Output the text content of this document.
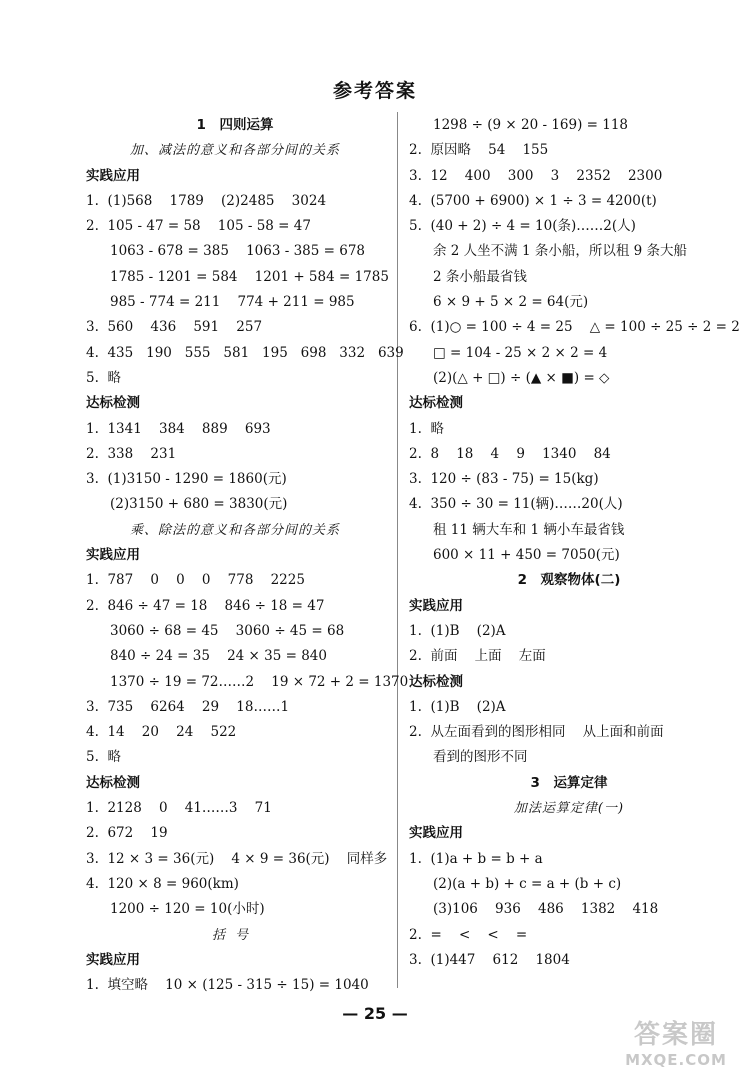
参考答案
1　四则运算
加、减法的意义和各部分间的关系
实践应用
1.  (1)568    1789    (2)2485    3024
2.  105 - 47 = 58    105 - 58 = 47
1063 - 678 = 385    1063 - 385 = 678
1785 - 1201 = 584    1201 + 584 = 1785
985 - 774 = 211    774 + 211 = 985
3.  560    436    591    257
4.  435   190   555   581   195   698   332   639
5.  略
达标检测
1.  1341    384    889    693
2.  338    231
3.  (1)3150 - 1290 = 1860(元)
(2)3150 + 680 = 3830(元)
乘、除法的意义和各部分间的关系
实践应用
1.  787    0    0    0    778    2225
2.  846 ÷ 47 = 18    846 ÷ 18 = 47
3060 ÷ 68 = 45    3060 ÷ 45 = 68
840 ÷ 24 = 35    24 × 35 = 840
1370 ÷ 19 = 72……2    19 × 72 + 2 = 1370
3.  735    6264    29    18……1
4.  14    20    24    522
5.  略
达标检测
1.  2128    0    41……3    71
2.  672    19
3.  12 × 3 = 36(元)    4 × 9 = 36(元)    同样多
4.  120 × 8 = 960(km)
1200 ÷ 120 = 10(小时)
括号
实践应用
1.  填空略    10 × (125 - 315 ÷ 15) = 1040
1298 ÷ (9 × 20 - 169) = 118
2.  原因略    54    155
3.  12    400    300    3    2352    2300
4.  (5700 + 6900) × 1 ÷ 3 = 4200(t)
5.  (40 + 2) ÷ 4 = 10(条)……2(人)
余 2 人坐不满 1 条小船，所以租 9 条大船
2 条小船最省钱
6 × 9 + 5 × 2 = 64(元)
6.  (1)○ = 100 ÷ 4 = 25    △ = 100 ÷ 25 ÷ 2 = 2
□ = 104 - 25 × 2 × 2 = 4
(2)(△ + □) ÷ (▲ × ■) = ◇
达标检测
1.  略
2.  8    18    4    9    1340    84
3.  120 ÷ (83 - 75) = 15(kg)
4.  350 ÷ 30 = 11(辆)……20(人)
租 11 辆大车和 1 辆小车最省钱
600 × 11 + 450 = 7050(元)
2　观察物体(二)
实践应用
1.  (1)B    (2)A
2.  前面    上面    左面
达标检测
1.  (1)B    (2)A
2.  从左面看到的图形相同    从上面和前面
看到的图形不同
3　运算定律
加法运算定律(一)
实践应用
1.  (1)a + b = b + a
(2)(a + b) + c = a + (b + c)
(3)106    936    486    1382    418
2.  =    <    <    =
3.  (1)447    612    1804
— 25 —
答案圈
MXQE.COM
